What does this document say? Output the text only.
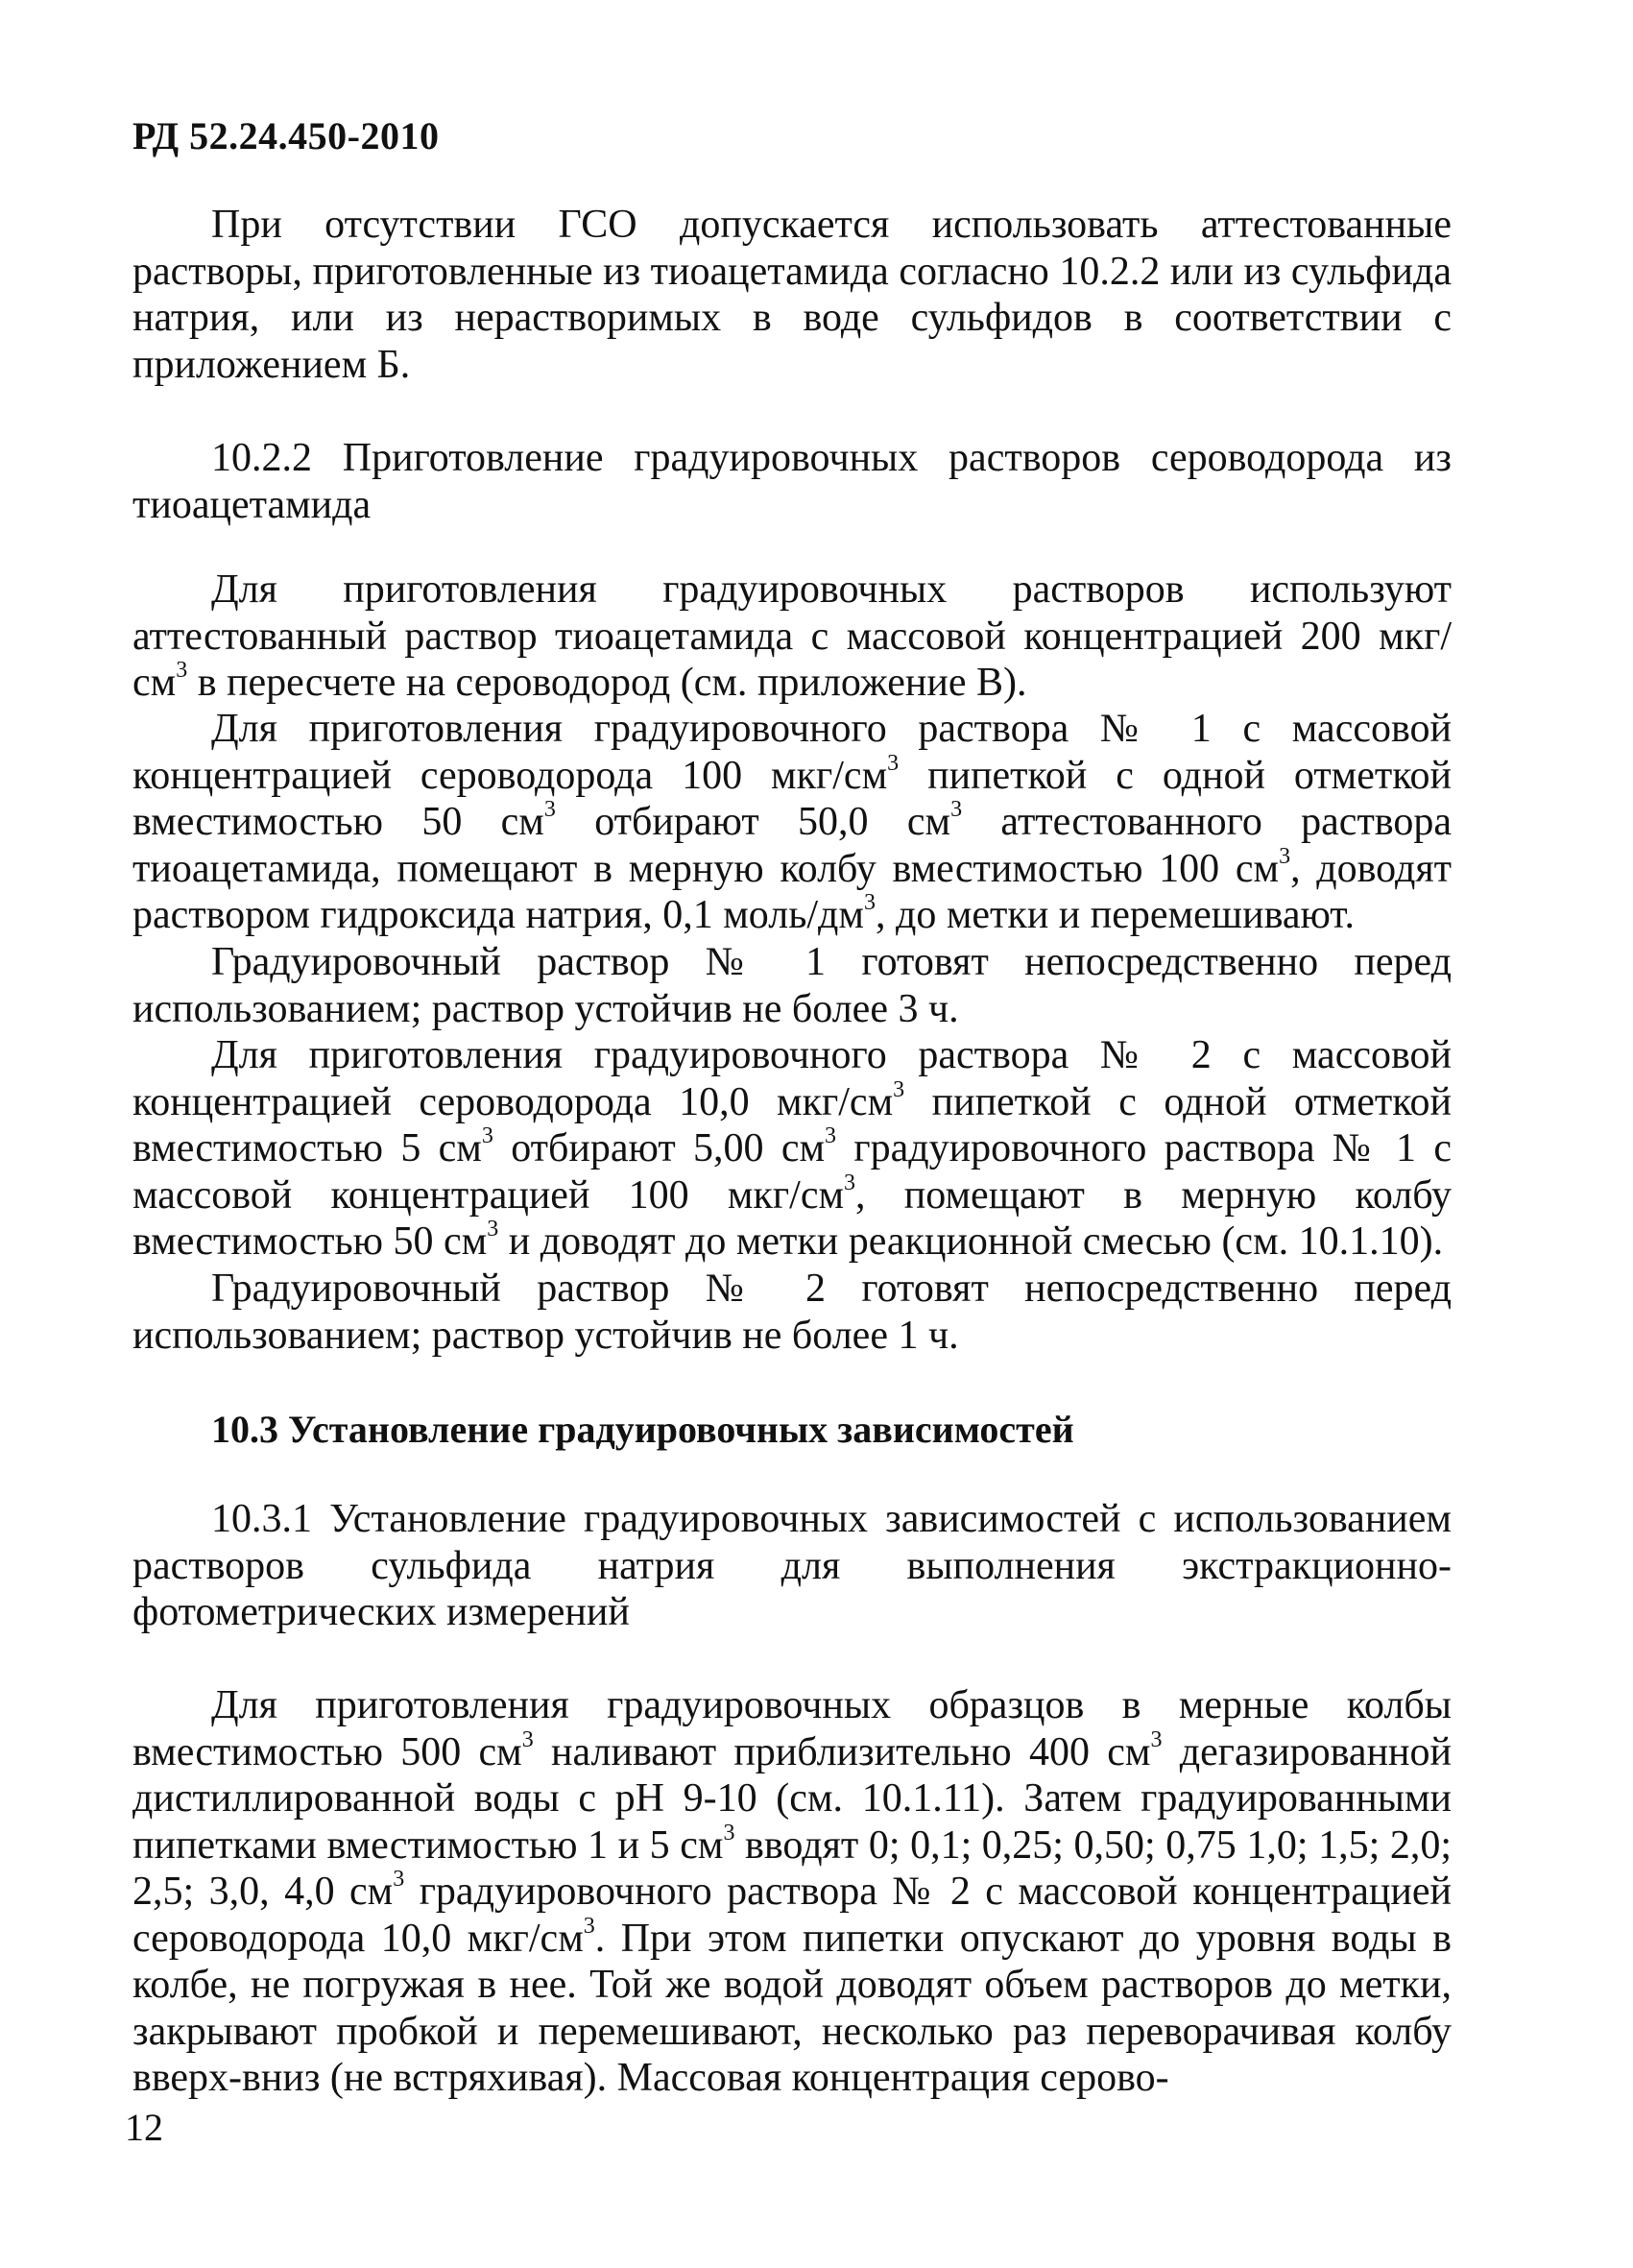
РД 52.24.450-2010

При отсутствии ГСО допускается использовать аттестованные растворы, приготовленные из тиоацетамида согласно 10.2.2 или из сульфида натрия, или из нерастворимых в воде сульфидов в соответствии с приложением Б.

10.2.2 Приготовление градуировочных растворов сероводорода из тиоацетамида

Для приготовления градуировочных растворов используют аттестованный раствор тиоацетамида с массовой концентрацией 200 мкг/$см^3$ в пересчете на сероводород (см. приложение В).

Для приготовления градуировочного раствора № 1 с массовой концентрацией сероводорода 100 мкг/$см^3$ пипеткой с одной отметкой вместимостью 50 $см^3$ отбирают 50,0 $см^3$ аттестованного раствора тиоацетамида, помещают в мерную колбу вместимостью 100 $см^3$, доводят раствором гидроксида натрия, 0,1 моль/$дм^3$, до метки и перемешивают.

Градуировочный раствор № 1 готовят непосредственно перед использованием; раствор устойчив не более 3 ч.

Для приготовления градуировочного раствора № 2 с массовой концентрацией сероводорода 10,0 мкг/$см^3$ пипеткой с одной отметкой вместимостью 5 $см^3$ отбирают 5,00 $см^3$ градуировочного раствора № 1 с массовой концентрацией 100 мкг/$см^3$, помещают в мерную колбу вместимостью 50 $см^3$ и доводят до метки реакционной смесью (см. 10.1.10).

Градуировочный раствор № 2 готовят непосредственно перед использованием; раствор устойчив не более 1 ч.

10.3 Установление градуировочных зависимостей

10.3.1 Установление градуировочных зависимостей с использованием растворов сульфида натрия для выполнения экстракционно-фотометрических измерений

Для приготовления градуировочных образцов в мерные колбы вместимостью 500 $см^3$ наливают приблизительно 400 $см^3$ дегазированной дистиллированной воды с pH 9-10 (см. 10.1.11). Затем градуированными пипетками вместимостью 1 и 5 $см^3$ вводят 0; 0,1; 0,25; 0,50; 0,75 1,0; 1,5; 2,0; 2,5; 3,0, 4,0 $см^3$ градуировочного раствора № 2 с массовой концентрацией сероводорода 10,0 мкг/$см^3$. При этом пипетки опускают до уровня воды в колбе, не погружая в нее. Той же водой доводят объем растворов до метки, закрывают пробкой и перемешивают, несколько раз переворачивая колбу вверх-вниз (не встряхивая). Массовая концентрация серово-

12
